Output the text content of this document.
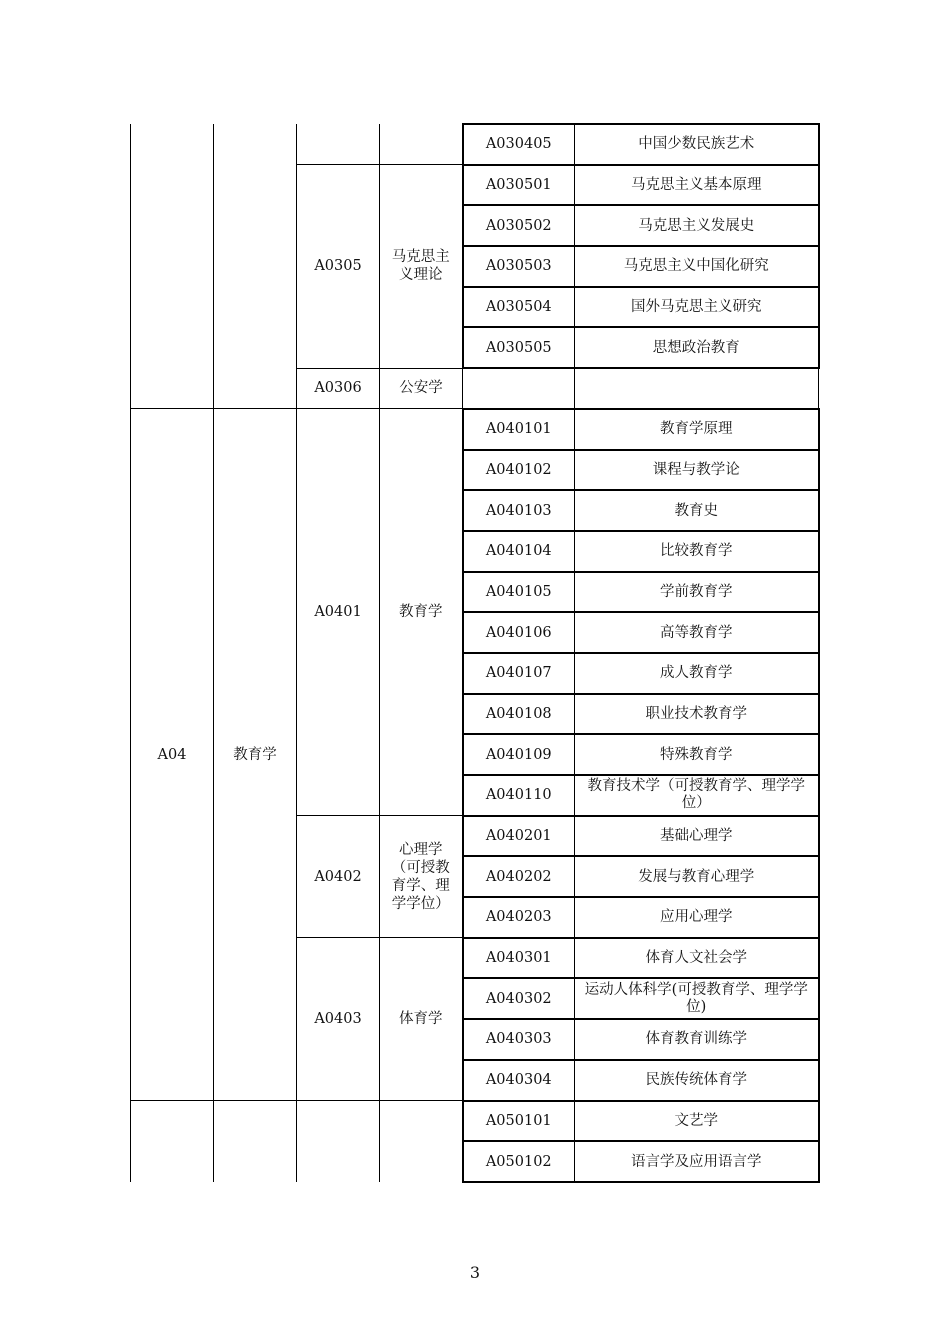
				A030405	中国少数民族艺术
		A0305	马克思主义理论	A030501	马克思主义基本原理
				A030502	马克思主义发展史
				A030503	马克思主义中国化研究
				A030504	国外马克思主义研究
				A030505	思想政治教育
		A0306	公安学		
A04	教育学	A0401	教育学	A040101	教育学原理
				A040102	课程与教学论
				A040103	教育史
				A040104	比较教育学
				A040105	学前教育学
				A040106	高等教育学
				A040107	成人教育学
				A040108	职业技术教育学
				A040109	特殊教育学
				A040110	教育技术学（可授教育学、理学学位）
		A0402	心理学（可授教育学、理学学位）	A040201	基础心理学
				A040202	发展与教育心理学
				A040203	应用心理学
		A0403	体育学	A040301	体育人文社会学
				A040302	运动人体科学(可授教育学、理学学位)
				A040303	体育教育训练学
				A040304	民族传统体育学
				A050101	文艺学
				A050102	语言学及应用语言学
3
